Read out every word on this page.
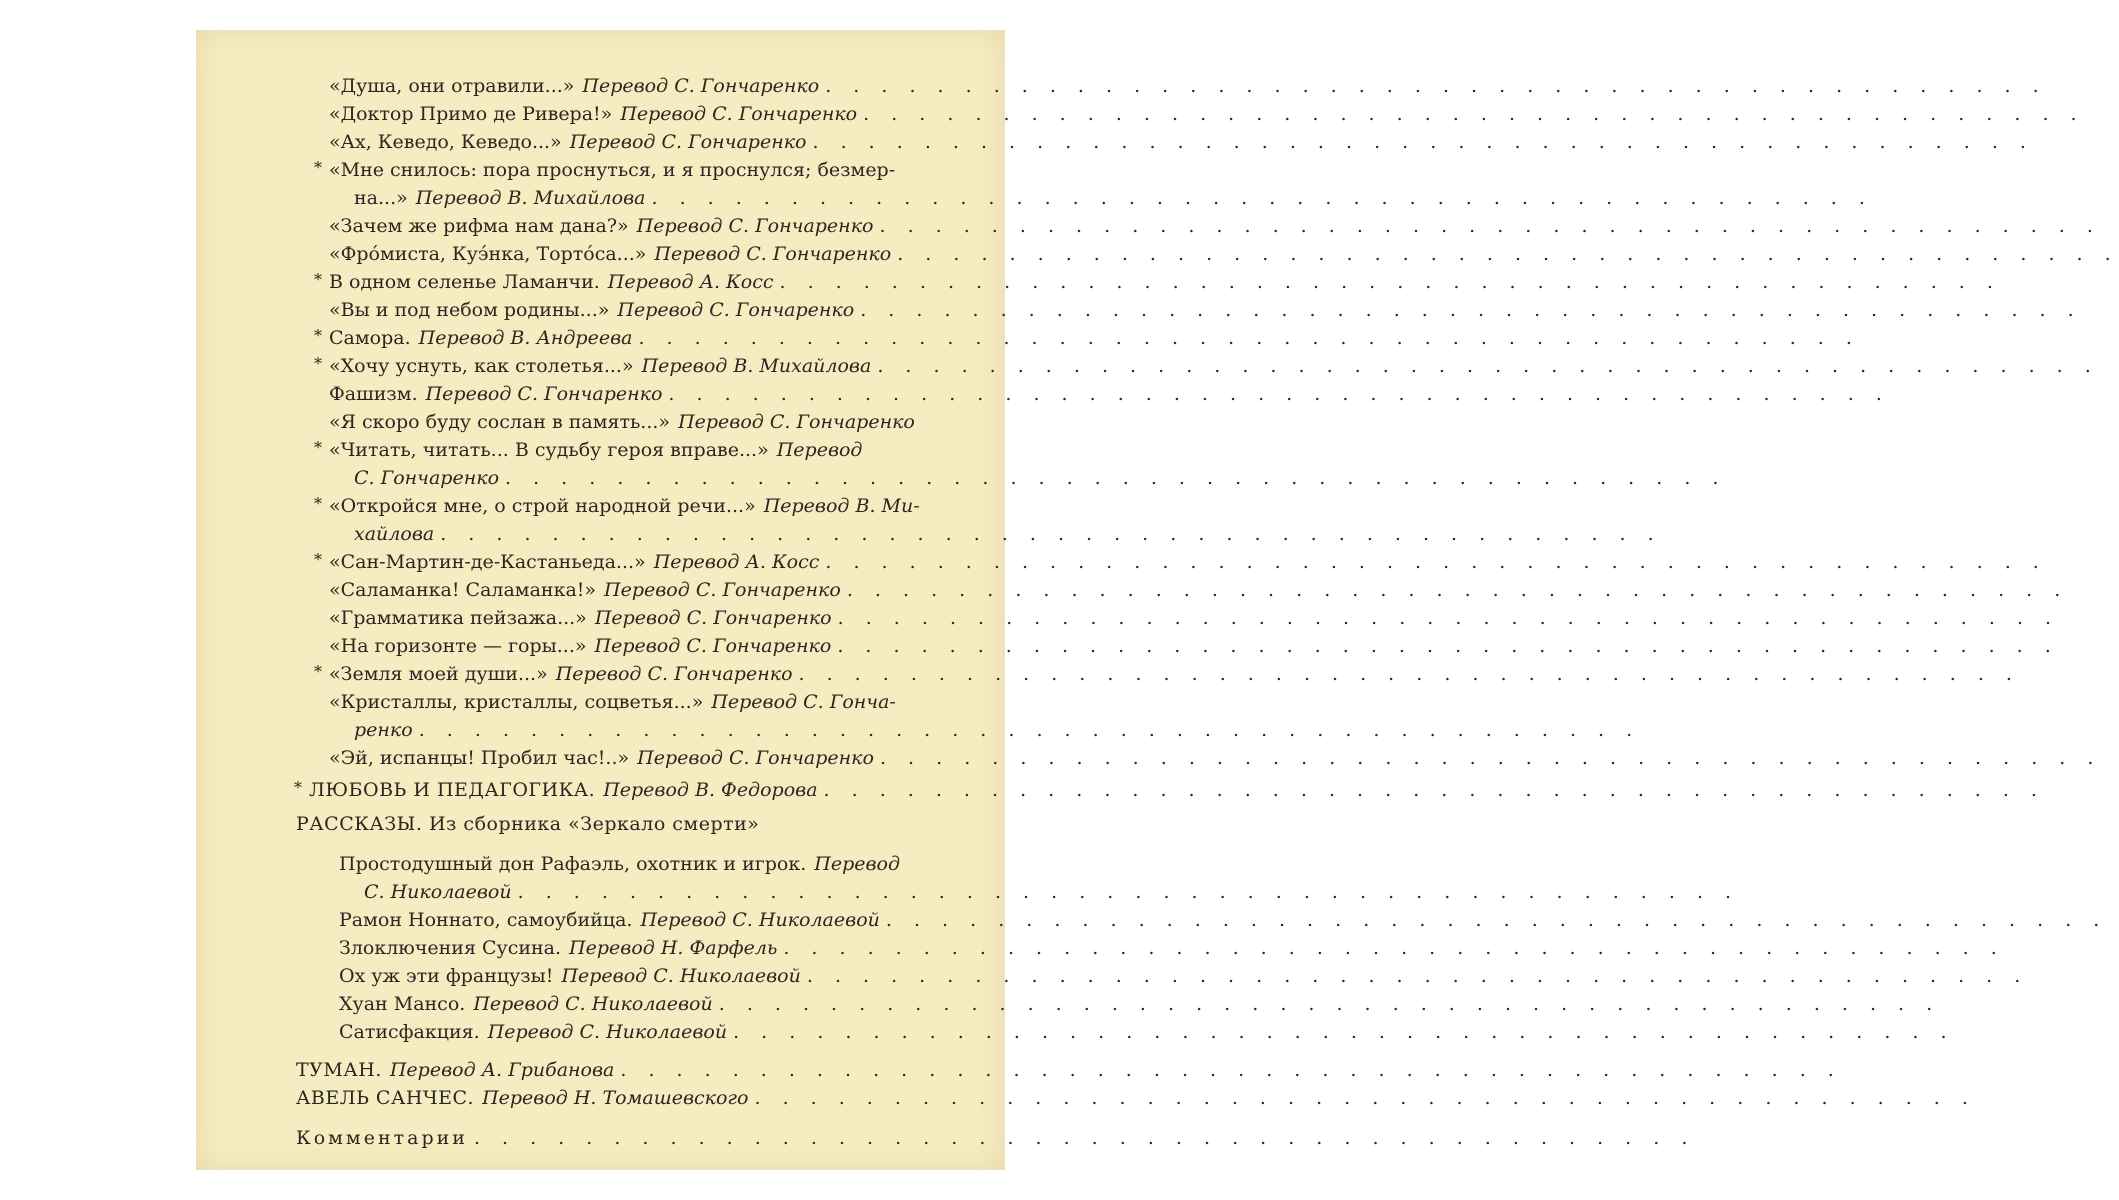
«Душа, они отравили...» Перевод С. Гончаренко . . . . . . . . . . . . . . . . . . . . . . . . . . . . . . . . . . . . . . . . . . . .
«Доктор Примо де Ривера!» Перевод С. Гончаренко . . . . . . . . . . . . . . . . . . . . . . . . . . . . . . . . . . . . . . . . . . . .
«Ах, Кеведо, Кеведо...» Перевод С. Гончаренко . . . . . . . . . . . . . . . . . . . . . . . . . . . . . . . . . . . . . . . . . . . .
* «Мне снилось: пора проснуться, и я проснулся; безмер-
на...» Перевод В. Михайлова . . . . . . . . . . . . . . . . . . . . . . . . . . . . . . . . . . . . . . . . . . . .
«Зачем же рифма нам дана?» Перевод С. Гончаренко . . . . . . . . . . . . . . . . . . . . . . . . . . . . . . . . . . . . . . . . . . . .
«Фрóмиста, Куэ́нка, Тортóса...» Перевод С. Гончаренко . . . . . . . . . . . . . . . . . . . . . . . . . . . . . . . . . . . . . . . . . . . .
* В одном селенье Ламанчи. Перевод А. Косс . . . . . . . . . . . . . . . . . . . . . . . . . . . . . . . . . . . . . . . . . . . .
«Вы и под небом родины...» Перевод С. Гончаренко . . . . . . . . . . . . . . . . . . . . . . . . . . . . . . . . . . . . . . . . . . . .
* Самора. Перевод В. Андреева . . . . . . . . . . . . . . . . . . . . . . . . . . . . . . . . . . . . . . . . . . . .
* «Хочу уснуть, как столетья...» Перевод В. Михайлова . . . . . . . . . . . . . . . . . . . . . . . . . . . . . . . . . . . . . . . . . . . .
Фашизм. Перевод С. Гончаренко . . . . . . . . . . . . . . . . . . . . . . . . . . . . . . . . . . . . . . . . . . . .
«Я скоро буду сослан в память...» Перевод С. Гончаренко
* «Читать, читать... В судьбу героя вправе...» Перевод
С. Гончаренко . . . . . . . . . . . . . . . . . . . . . . . . . . . . . . . . . . . . . . . . . . . .
* «Откройся мне, о строй народной речи...» Перевод В. Ми-
хайлова . . . . . . . . . . . . . . . . . . . . . . . . . . . . . . . . . . . . . . . . . . . .
* «Сан-Мартин-де-Кастаньеда...» Перевод А. Косс . . . . . . . . . . . . . . . . . . . . . . . . . . . . . . . . . . . . . . . . . . . .
«Саламанка! Саламанка!» Перевод С. Гончаренко . . . . . . . . . . . . . . . . . . . . . . . . . . . . . . . . . . . . . . . . . . . .
«Грамматика пейзажа...» Перевод С. Гончаренко . . . . . . . . . . . . . . . . . . . . . . . . . . . . . . . . . . . . . . . . . . . .
«На горизонте — горы...» Перевод С. Гончаренко . . . . . . . . . . . . . . . . . . . . . . . . . . . . . . . . . . . . . . . . . . . .
* «Земля моей души...» Перевод С. Гончаренко . . . . . . . . . . . . . . . . . . . . . . . . . . . . . . . . . . . . . . . . . . . .
«Кристаллы, кристаллы, соцветья...» Перевод С. Гонча-
ренко . . . . . . . . . . . . . . . . . . . . . . . . . . . . . . . . . . . . . . . . . . . .
«Эй, испанцы! Пробил час!..» Перевод С. Гончаренко . . . . . . . . . . . . . . . . . . . . . . . . . . . . . . . . . . . . . . . . . . . .
* ЛЮБОВЬ И ПЕДАГОГИКА. Перевод В. Федорова . . . . . . . . . . . . . . . . . . . . . . . . . . . . . . . . . . . . . . . . . . . .
РАССКАЗЫ. Из сборника «Зеркало смерти»
Простодушный дон Рафаэль, охотник и игрок. Перевод
С. Николаевой . . . . . . . . . . . . . . . . . . . . . . . . . . . . . . . . . . . . . . . . . . . .
Рамон Ноннато, самоубийца. Перевод С. Николаевой . . . . . . . . . . . . . . . . . . . . . . . . . . . . . . . . . . . . . . . . . . . .
Злоключения Сусина. Перевод Н. Фарфель . . . . . . . . . . . . . . . . . . . . . . . . . . . . . . . . . . . . . . . . . . . .
Ох уж эти французы! Перевод С. Николаевой . . . . . . . . . . . . . . . . . . . . . . . . . . . . . . . . . . . . . . . . . . . .
Хуан Мансо. Перевод С. Николаевой . . . . . . . . . . . . . . . . . . . . . . . . . . . . . . . . . . . . . . . . . . . .
Сатисфакция. Перевод С. Николаевой . . . . . . . . . . . . . . . . . . . . . . . . . . . . . . . . . . . . . . . . . . . .
ТУМАН. Перевод А. Грибанова . . . . . . . . . . . . . . . . . . . . . . . . . . . . . . . . . . . . . . . . . . . .
АВЕЛЬ САНЧЕС. Перевод Н. Томашевского . . . . . . . . . . . . . . . . . . . . . . . . . . . . . . . . . . . . . . . . . . . .
Комментарии . . . . . . . . . . . . . . . . . . . . . . . . . . . . . . . . . . . . . . . . . . . .
